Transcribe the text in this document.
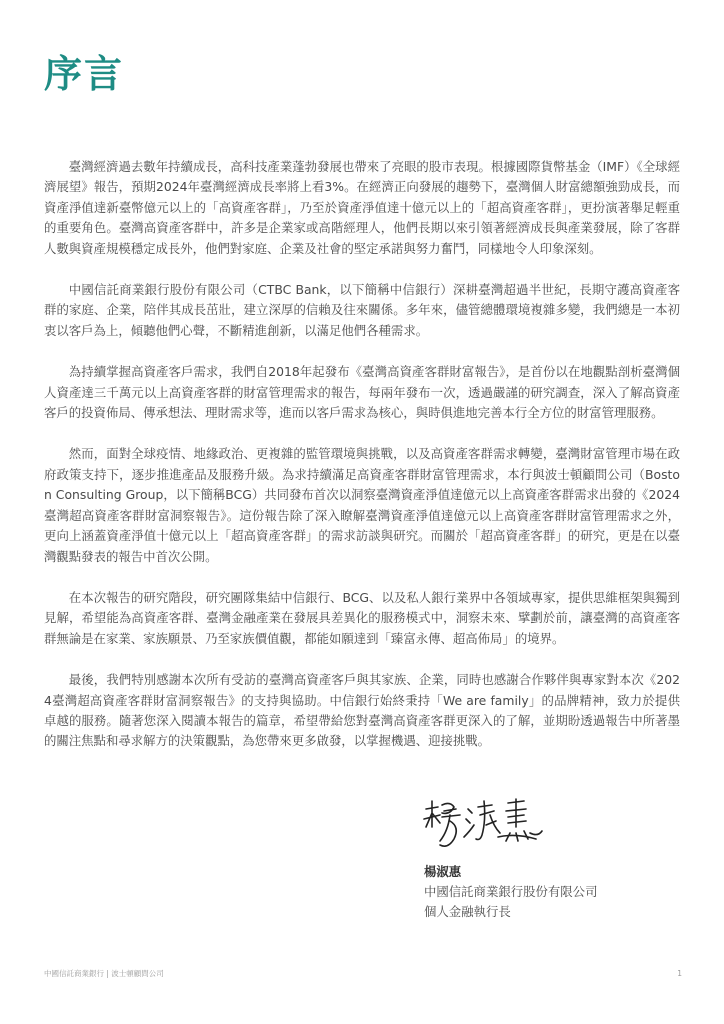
序言

臺灣經濟過去數年持續成長，高科技產業蓬勃發展也帶來了亮眼的股市表現。根據國際貨幣基金（IMF）《全球經濟展望》報告，預期2024年臺灣經濟成長率將上看3%。在經濟正向發展的趨勢下，臺灣個人財富總額強勁成長，而資產淨值達新臺幣億元以上的「高資產客群」，乃至於資產淨值達十億元以上的「超高資產客群」，更扮演著舉足輕重的重要角色。臺灣高資產客群中，許多是企業家或高階經理人，他們長期以來引領著經濟成長與產業發展，除了客群人數與資產規模穩定成長外，他們對家庭、企業及社會的堅定承諾與努力奮鬥，同樣地令人印象深刻。

中國信託商業銀行股份有限公司（CTBC Bank，以下簡稱中信銀行）深耕臺灣超過半世紀，長期守護高資產客群的家庭、企業，陪伴其成長茁壯，建立深厚的信賴及往來關係。多年來，儘管總體環境複雜多變，我們總是一本初衷以客戶為上，傾聽他們心聲，不斷精進創新，以滿足他們各種需求。

為持續掌握高資產客戶需求，我們自2018年起發布《臺灣高資產客群財富報告》，是首份以在地觀點剖析臺灣個人資產達三千萬元以上高資產客群的財富管理需求的報告，每兩年發布一次，透過嚴謹的研究調查，深入了解高資產客戶的投資佈局、傳承想法、理財需求等，進而以客戶需求為核心，與時俱進地完善本行全方位的財富管理服務。

然而，面對全球疫情、地緣政治、更複雜的監管環境與挑戰，以及高資產客群需求轉變，臺灣財富管理市場在政府政策支持下，逐步推進產品及服務升級。為求持續滿足高資產客群財富管理需求，本行與波士頓顧問公司（Boston Consulting Group，以下簡稱BCG）共同發布首次以洞察臺灣資產淨值達億元以上高資產客群需求出發的《2024臺灣超高資產客群財富洞察報告》。這份報告除了深入瞭解臺灣資產淨值達億元以上高資產客群財富管理需求之外，更向上涵蓋資產淨值十億元以上「超高資產客群」的需求訪談與研究。而關於「超高資產客群」的研究，更是在以臺灣觀點發表的報告中首次公開。

在本次報告的研究階段，研究團隊集結中信銀行、BCG、以及私人銀行業界中各領域專家，提供思維框架與獨到見解，希望能為高資產客群、臺灣金融產業在發展具差異化的服務模式中，洞察未來、擘劃於前，讓臺灣的高資產客群無論是在家業、家族願景、乃至家族價值觀，都能如願達到「臻富永傳、超高佈局」的境界。

最後，我們特別感謝本次所有受訪的臺灣高資產客戶與其家族、企業，同時也感謝合作夥伴與專家對本次《2024臺灣超高資產客群財富洞察報告》的支持與協助。中信銀行始終秉持「We are family」的品牌精神，致力於提供卓越的服務。隨著您深入閱讀本報告的篇章，希望帶給您對臺灣高資產客群更深入的了解，並期盼透過報告中所著墨的關注焦點和尋求解方的決策觀點，為您帶來更多啟發，以掌握機遇、迎接挑戰。

楊淑惠
中國信託商業銀行股份有限公司
個人金融執行長
中國信託商業銀行 | 波士頓顧問公司	1
